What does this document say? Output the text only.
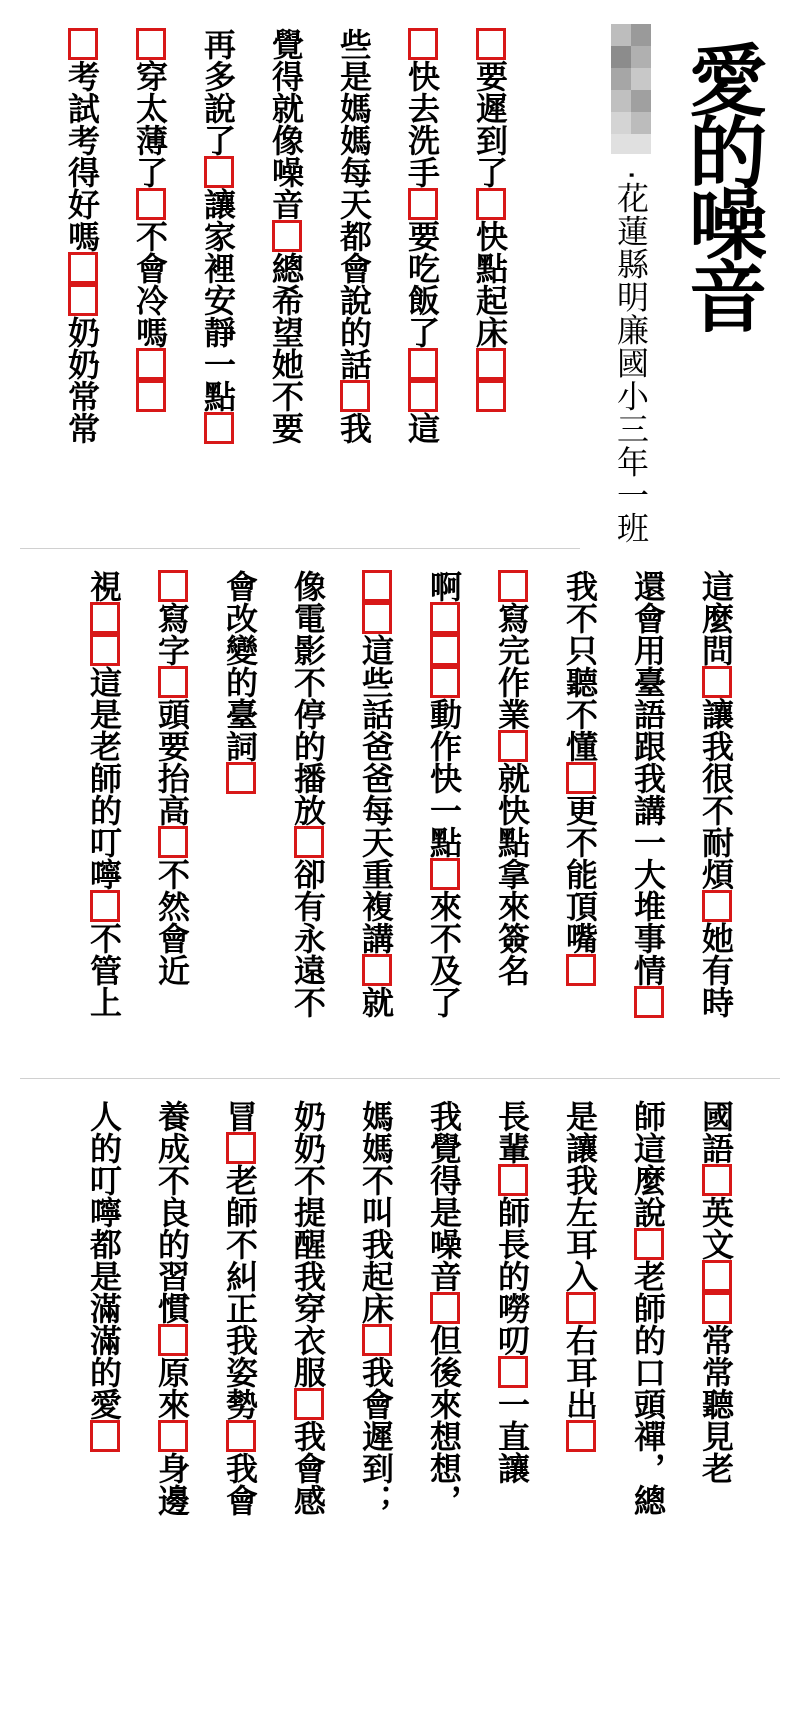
愛的噪音
‧花蓮縣明廉國小三年一班
要遲到了快點起床
快去洗手要吃飯了這
些是媽媽每天都會說的話我
覺得就像噪音總希望她不要
再多說了讓家裡安靜一點
穿太薄了不會冷嗎
考試考得好嗎奶奶常常
這麼問讓我很不耐煩她有時
還會用臺語跟我講一大堆事情
我不只聽不懂更不能頂嘴
寫完作業就快點拿來簽名
啊動作快一點來不及了
這些話爸爸每天重複講就
像電影不停的播放卻有永遠不
會改變的臺詞
寫字頭要抬高不然會近
視這是老師的叮嚀不管上
國語英文常常聽見老
師這麼說老師的口頭禪，總
是讓我左耳入右耳出
長輩師長的嘮叨一直讓
我覺得是噪音但後來想想，
媽媽不叫我起床我會遲到；
奶奶不提醒我穿衣服我會感
冒老師不糾正我姿勢我會
養成不良的習慣原來身邊
人的叮嚀都是滿滿的愛
